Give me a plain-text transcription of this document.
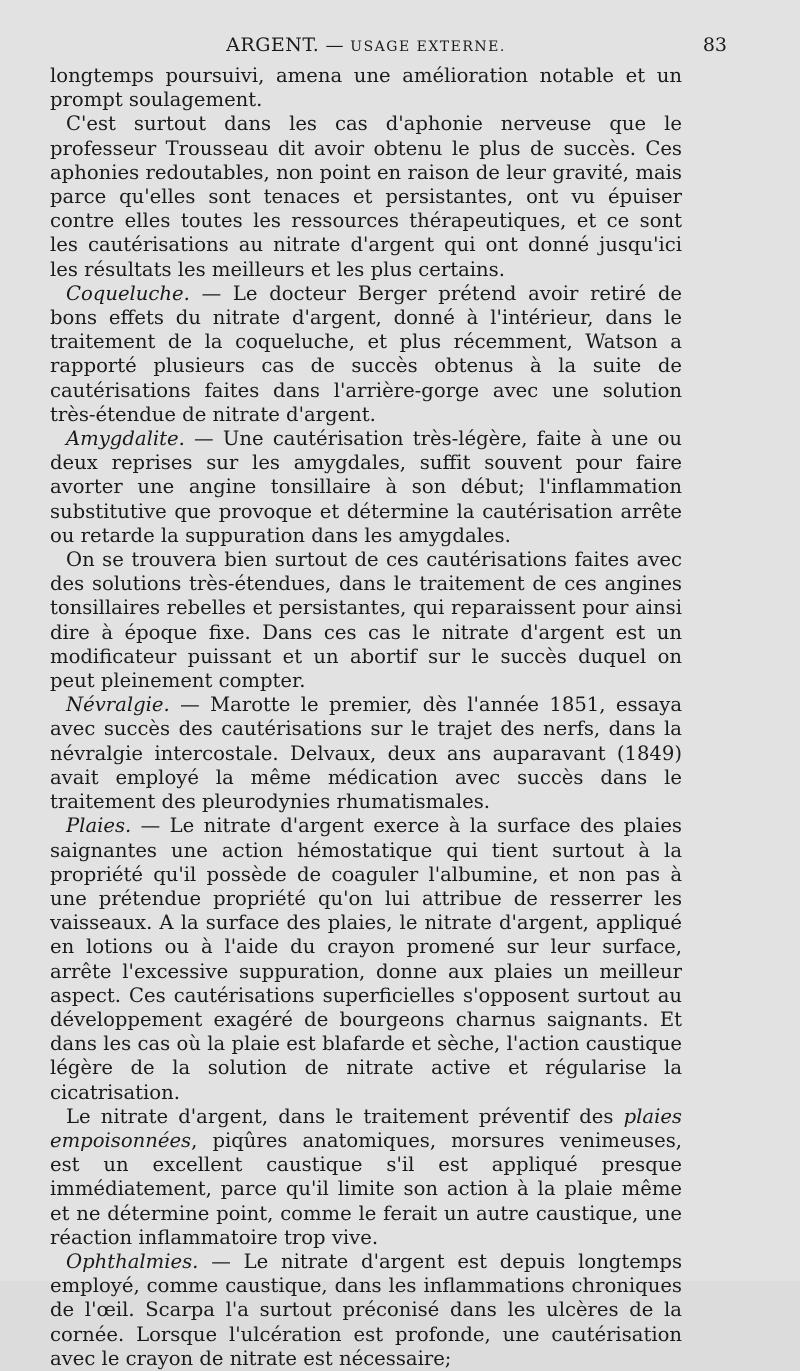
ARGENT. — USAGE EXTERNE.	83

longtemps poursuivi, amena une amélioration notable et un prompt soulagement.

C'est surtout dans les cas d'aphonie nerveuse que le professeur Trousseau dit avoir obtenu le plus de succès. Ces aphonies redoutables, non point en raison de leur gravité, mais parce qu'elles sont tenaces et persistantes, ont vu épuiser contre elles toutes les ressources thérapeutiques, et ce sont les cautérisations au nitrate d'argent qui ont donné jusqu'ici les résultats les meilleurs et les plus certains.

Coqueluche. — Le docteur Berger prétend avoir retiré de bons effets du nitrate d'argent, donné à l'intérieur, dans le traitement de la coqueluche, et plus récemment, Watson a rapporté plusieurs cas de succès obtenus à la suite de cautérisations faites dans l'arrière-gorge avec une solution très-étendue de nitrate d'argent.

Amygdalite. — Une cautérisation très-légère, faite à une ou deux reprises sur les amygdales, suffit souvent pour faire avorter une angine tonsillaire à son début; l'inflammation substitutive que provoque et détermine la cautérisation arrête ou retarde la suppuration dans les amygdales.

On se trouvera bien surtout de ces cautérisations faites avec des solutions très-étendues, dans le traitement de ces angines tonsillaires rebelles et persistantes, qui reparaissent pour ainsi dire à époque fixe. Dans ces cas le nitrate d'argent est un modificateur puissant et un abortif sur le succès duquel on peut pleinement compter.

Névralgie. — Marotte le premier, dès l'année 1851, essaya avec succès des cautérisations sur le trajet des nerfs, dans la névralgie intercostale. Delvaux, deux ans auparavant (1849) avait employé la même médication avec succès dans le traitement des pleurodynies rhumatismales.

Plaies. — Le nitrate d'argent exerce à la surface des plaies saignantes une action hémostatique qui tient surtout à la propriété qu'il possède de coaguler l'albumine, et non pas à une prétendue propriété qu'on lui attribue de resserrer les vaisseaux. A la surface des plaies, le nitrate d'argent, appliqué en lotions ou à l'aide du crayon promené sur leur surface, arrête l'excessive suppuration, donne aux plaies un meilleur aspect. Ces cautérisations superficielles s'opposent surtout au développement exagéré de bourgeons charnus saignants. Et dans les cas où la plaie est blafarde et sèche, l'action caustique légère de la solution de nitrate active et régularise la cicatrisation.

Le nitrate d'argent, dans le traitement préventif des plaies empoisonnées, piqûres anatomiques, morsures venimeuses, est un excellent caustique s'il est appliqué presque immédiatement, parce qu'il limite son action à la plaie même et ne détermine point, comme le ferait un autre caustique, une réaction inflammatoire trop vive.

Ophthalmies. — Le nitrate d'argent est depuis longtemps employé, comme caustique, dans les inflammations chroniques de l'œil. Scarpa l'a surtout préconisé dans les ulcères de la cornée. Lorsque l'ulcération est profonde, une cautérisation avec le crayon de nitrate est nécessaire;
